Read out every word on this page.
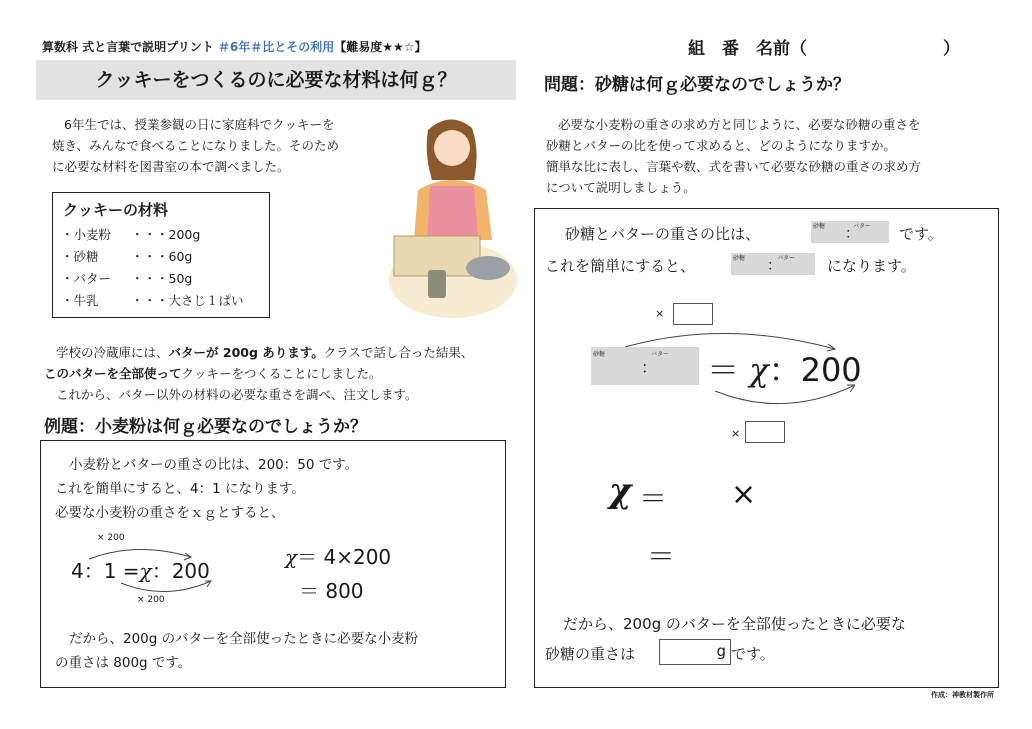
算数科 式と言葉で説明プリント ＃6年＃比とその利用【難易度★★☆】	組　番　名前（　　　　　　　　）
クッキーをつくるのに必要な材料は何ｇ？
6年生では、授業参観の日に家庭科でクッキーを
焼き、みんなで食べることになりました。そのため
に必要な材料を図書室の本で調べました。
クッキーの材料
・小麦粉 ・・・200g
・砂糖	・・・60g
・バター ・・・50g
・牛乳	・・・大さじ１ぱい
学校の冷蔵庫には、バターが 200g あります。クラスで話し合った結果、
このバターを全部使ってクッキーをつくることにしました。
これから、バター以外の材料の必要な重さを調べ、注文します。
例題：小麦粉は何ｇ必要なのでしょうか？
小麦粉とバターの重さの比は、200：50 です。
これを簡単にすると、4：1 になります。
必要な小麦粉の重さをｘｇとすると、
× 200
4：1 =χ：200
× 200
χ＝ 4×200
＝ 800
だから、200g のバターを全部使ったときに必要な小麦粉
の重さは 800g です。
問題：砂糖は何ｇ必要なのでしょうか？
必要な小麦粉の重さの求め方と同じように、必要な砂糖の重さを
砂糖とバターの比を使って求めると、どのようになりますか。
簡単な比に表し、言葉や数、式を書いて必要な砂糖の重さの求め方
について説明しましょう。
砂糖とバターの重さの比は、	砂糖	バター
：	です。
これを簡単にすると、	砂糖	バター
：	になります。
×
砂糖	バター
： ＝ χ：200
×
χ ＝ ×
＝
だから、200g のバターを全部使ったときに必要な
砂糖の重さは	g です。
作成：神教材製作所
